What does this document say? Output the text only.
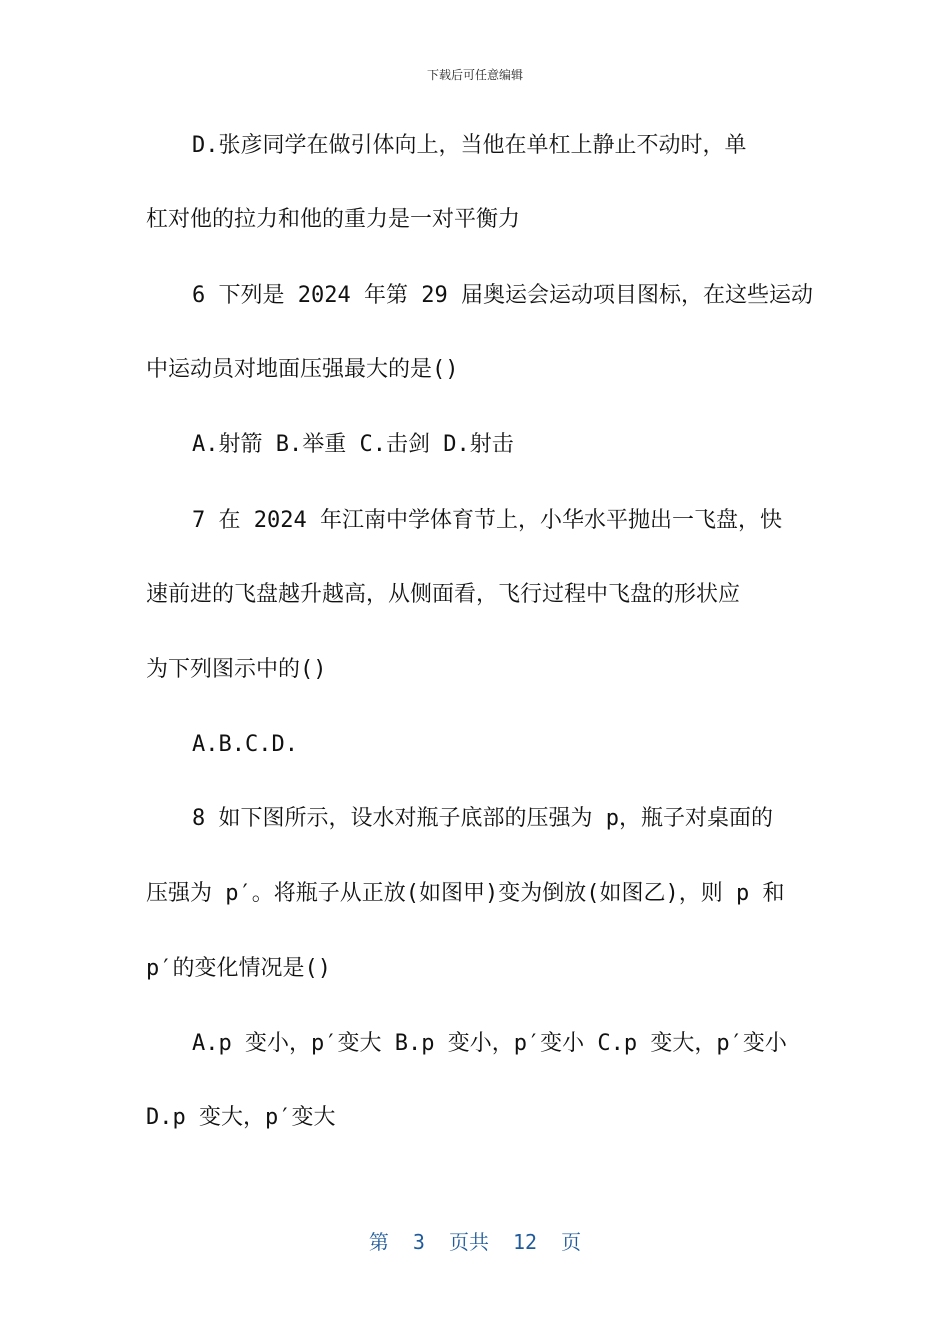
下载后可任意编辑
D.张彦同学在做引体向上，当他在单杠上静止不动时，单
杠对他的拉力和他的重力是一对平衡力
6 下列是 2024 年第 29 届奥运会运动项目图标，在这些运动
中运动员对地面压强最大的是()
A.射箭 B.举重 C.击剑 D.射击
7 在 2024 年江南中学体育节上，小华水平抛出一飞盘，快
速前进的飞盘越升越高，从侧面看，飞行过程中飞盘的形状应
为下列图示中的()
A.B.C.D.
8 如下图所示，设水对瓶子底部的压强为 p，瓶子对桌面的
压强为 p′。将瓶子从正放(如图甲)变为倒放(如图乙)，则 p 和
p′的变化情况是()
A.p 变小，p′变大 B.p 变小，p′变小 C.p 变大，p′变小
D.p 变大，p′变大
第 3 页共 12 页
